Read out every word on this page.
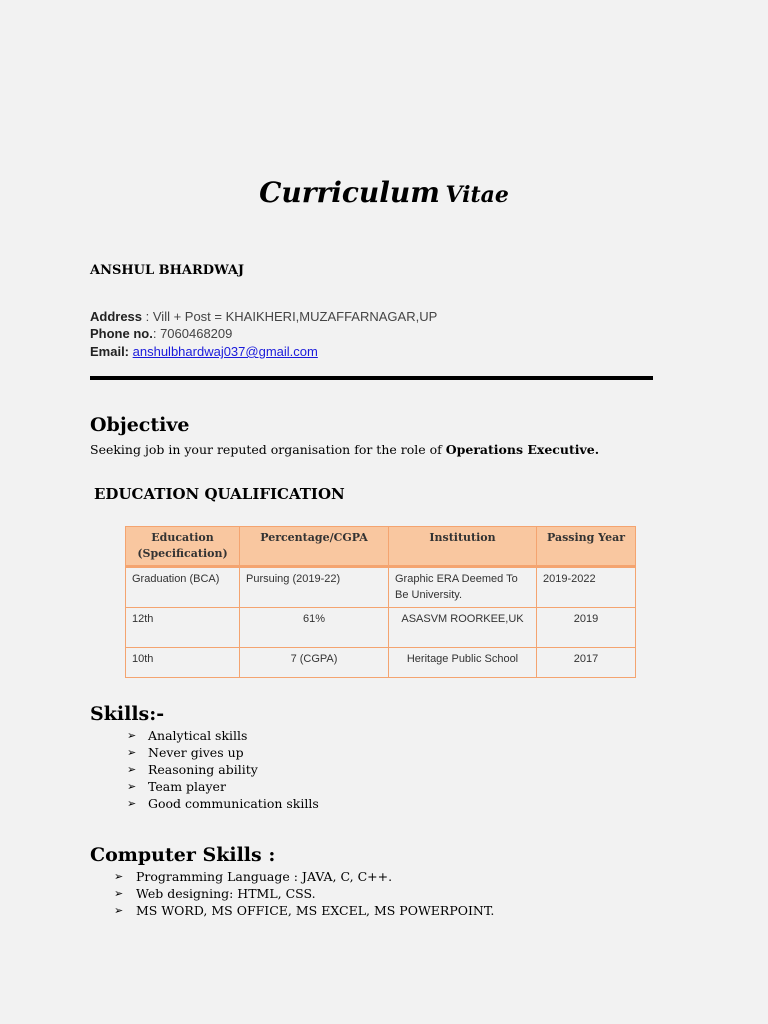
Curriculum Vitae
ANSHUL BHARDWAJ
Address : Vill + Post = KHAIKHERI,MUZAFFARNAGAR,UP
Phone no.: 7060468209
Email: anshulbhardwaj037@gmail.com
Objective
Seeking job in your reputed organisation for the role of Operations Executive.
EDUCATION QUALIFICATION
Education (Specification)	Percentage/CGPA	Institution	Passing Year
Graduation (BCA)	Pursuing (2019-22)	Graphic ERA Deemed To Be University.	2019-2022
12th	61%	ASASVM ROORKEE,UK	2019
10th	7 (CGPA)	Heritage Public School	2017
Skills:-
➢ Analytical skills
➢ Never gives up
➢ Reasoning ability
➢ Team player
➢ Good communication skills
Computer Skills :
➢ Programming Language : JAVA, C, C++.
➢ Web designing: HTML, CSS.
➢ MS WORD, MS OFFICE, MS EXCEL, MS POWERPOINT.
